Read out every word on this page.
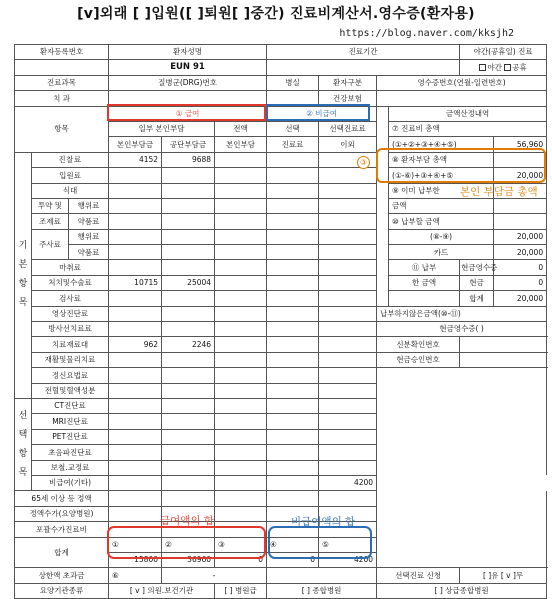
[v]외래 [ ]입원([ ]퇴원[ ]중간) 진료비계산서.영수증(환자용)
https://blog.naver.com/kksjh2
환자등록번호			환자성명			진료기간				야간(공휴일) 진료		
			EUN 91							야간 공휴		
진료과목			질병군(DRG)번호			병실	환자구분	영수증번호(연월-일련번호)				
치 과							건강보험					
항목			① 급여			② 비급여			금액산정내역			
			일부 본인부담		전액	선택	선택진료료		⑦ 진료비 총액			
			본인부담금	공단부담금	본인부담	진료료	이외		(①+②+③+④+⑤)		56,960	
기본항목	진찰료		4152	9688					⑧ 환자부담 총액			
	입원료								(①-⑥)+③+④+⑤		20,000	
	식대								⑨ 이미 납부한			
	투약 및	행위료							금액			
	조제료	약품료							⑩ 납부할 금액			
	주사료	행위료							(⑧-⑨)		20,000	
		약품료							카드		20,000	
	마취료								⑪ 납부	현금영수증	0	
	처치및수술료		10715	25004					한 금액	현금	0	
	검사료									합계	20,000	
	영상진단료							납부하지않은금액(⑩-⑪)	
	방사선치료료							현금영수증( )				
	치료재료대		962	2246				신분확인번호				
	재활및물리치료							현금승인번호				
	정신요법료											
	전혈및혈액성분											
선택항목	CT진단료											
	MRI진단료											
	PET진단료											
	초음파진단료											
	보철.교정료											
	비급여(기타)						4200					
65세 이상 등 정액												
정액수가(요양병원)												
포괄수가진료비												
합계			①	②	③	④	⑤					
			15800	36960	0	0	4200					
상한액 초과금			⑥	-				선택진료 신청		[ ]유 [ v ]무		
요양기관종류			[ v ] 의원.보건기관		[ ] 병원급	[ ] 종합병원		[ ] 상급종합병원				
③
본인 부담금 총액
급여액의 합	비급여액의 합
